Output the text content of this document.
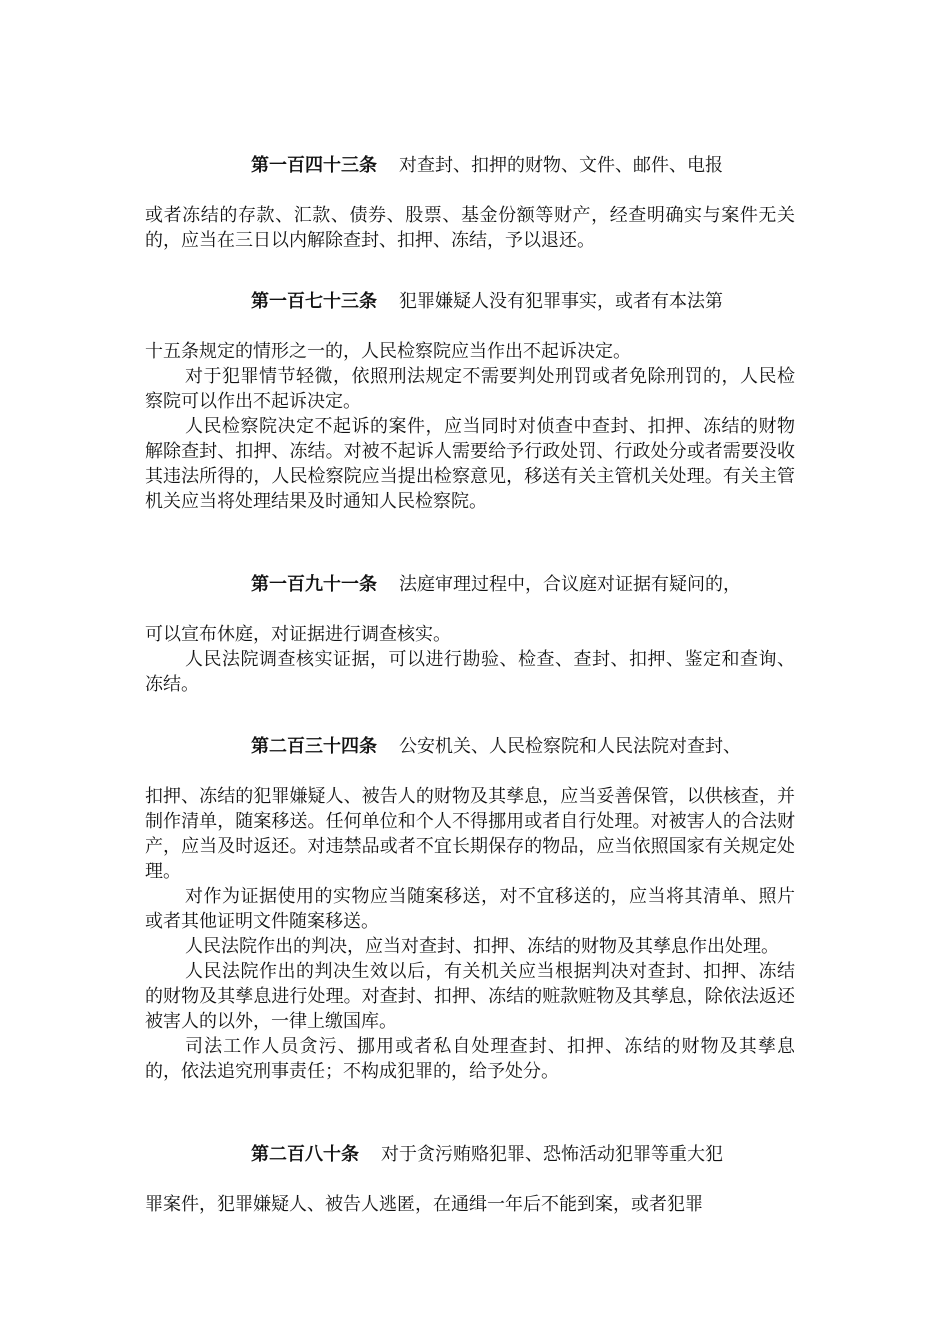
第一百四十三条 对查封、扣押的财物、文件、邮件、电报

或者冻结的存款、汇款、债券、股票、基金份额等财产，经查明确实与案件无关的，应当在三日以内解除查封、扣押、冻结，予以退还。

第一百七十三条 犯罪嫌疑人没有犯罪事实，或者有本法第

十五条规定的情形之一的，人民检察院应当作出不起诉决定。

对于犯罪情节轻微，依照刑法规定不需要判处刑罚或者免除刑罚的，人民检察院可以作出不起诉决定。

人民检察院决定不起诉的案件，应当同时对侦查中查封、扣押、冻结的财物解除查封、扣押、冻结。对被不起诉人需要给予行政处罚、行政处分或者需要没收其违法所得的，人民检察院应当提出检察意见，移送有关主管机关处理。有关主管机关应当将处理结果及时通知人民检察院。

第一百九十一条 法庭审理过程中，合议庭对证据有疑问的，

可以宣布休庭，对证据进行调查核实。

人民法院调查核实证据，可以进行勘验、检查、查封、扣押、鉴定和查询、冻结。

第二百三十四条 公安机关、人民检察院和人民法院对查封、

扣押、冻结的犯罪嫌疑人、被告人的财物及其孳息，应当妥善保管，以供核查，并制作清单，随案移送。任何单位和个人不得挪用或者自行处理。对被害人的合法财产，应当及时返还。对违禁品或者不宜长期保存的物品，应当依照国家有关规定处理。

对作为证据使用的实物应当随案移送，对不宜移送的，应当将其清单、照片或者其他证明文件随案移送。

人民法院作出的判决，应当对查封、扣押、冻结的财物及其孳息作出处理。

人民法院作出的判决生效以后，有关机关应当根据判决对查封、扣押、冻结的财物及其孳息进行处理。对查封、扣押、冻结的赃款赃物及其孳息，除依法返还被害人的以外，一律上缴国库。

司法工作人员贪污、挪用或者私自处理查封、扣押、冻结的财物及其孳息的，依法追究刑事责任；不构成犯罪的，给予处分。

第二百八十条 对于贪污贿赂犯罪、恐怖活动犯罪等重大犯

罪案件，犯罪嫌疑人、被告人逃匿，在通缉一年后不能到案，或者犯罪
